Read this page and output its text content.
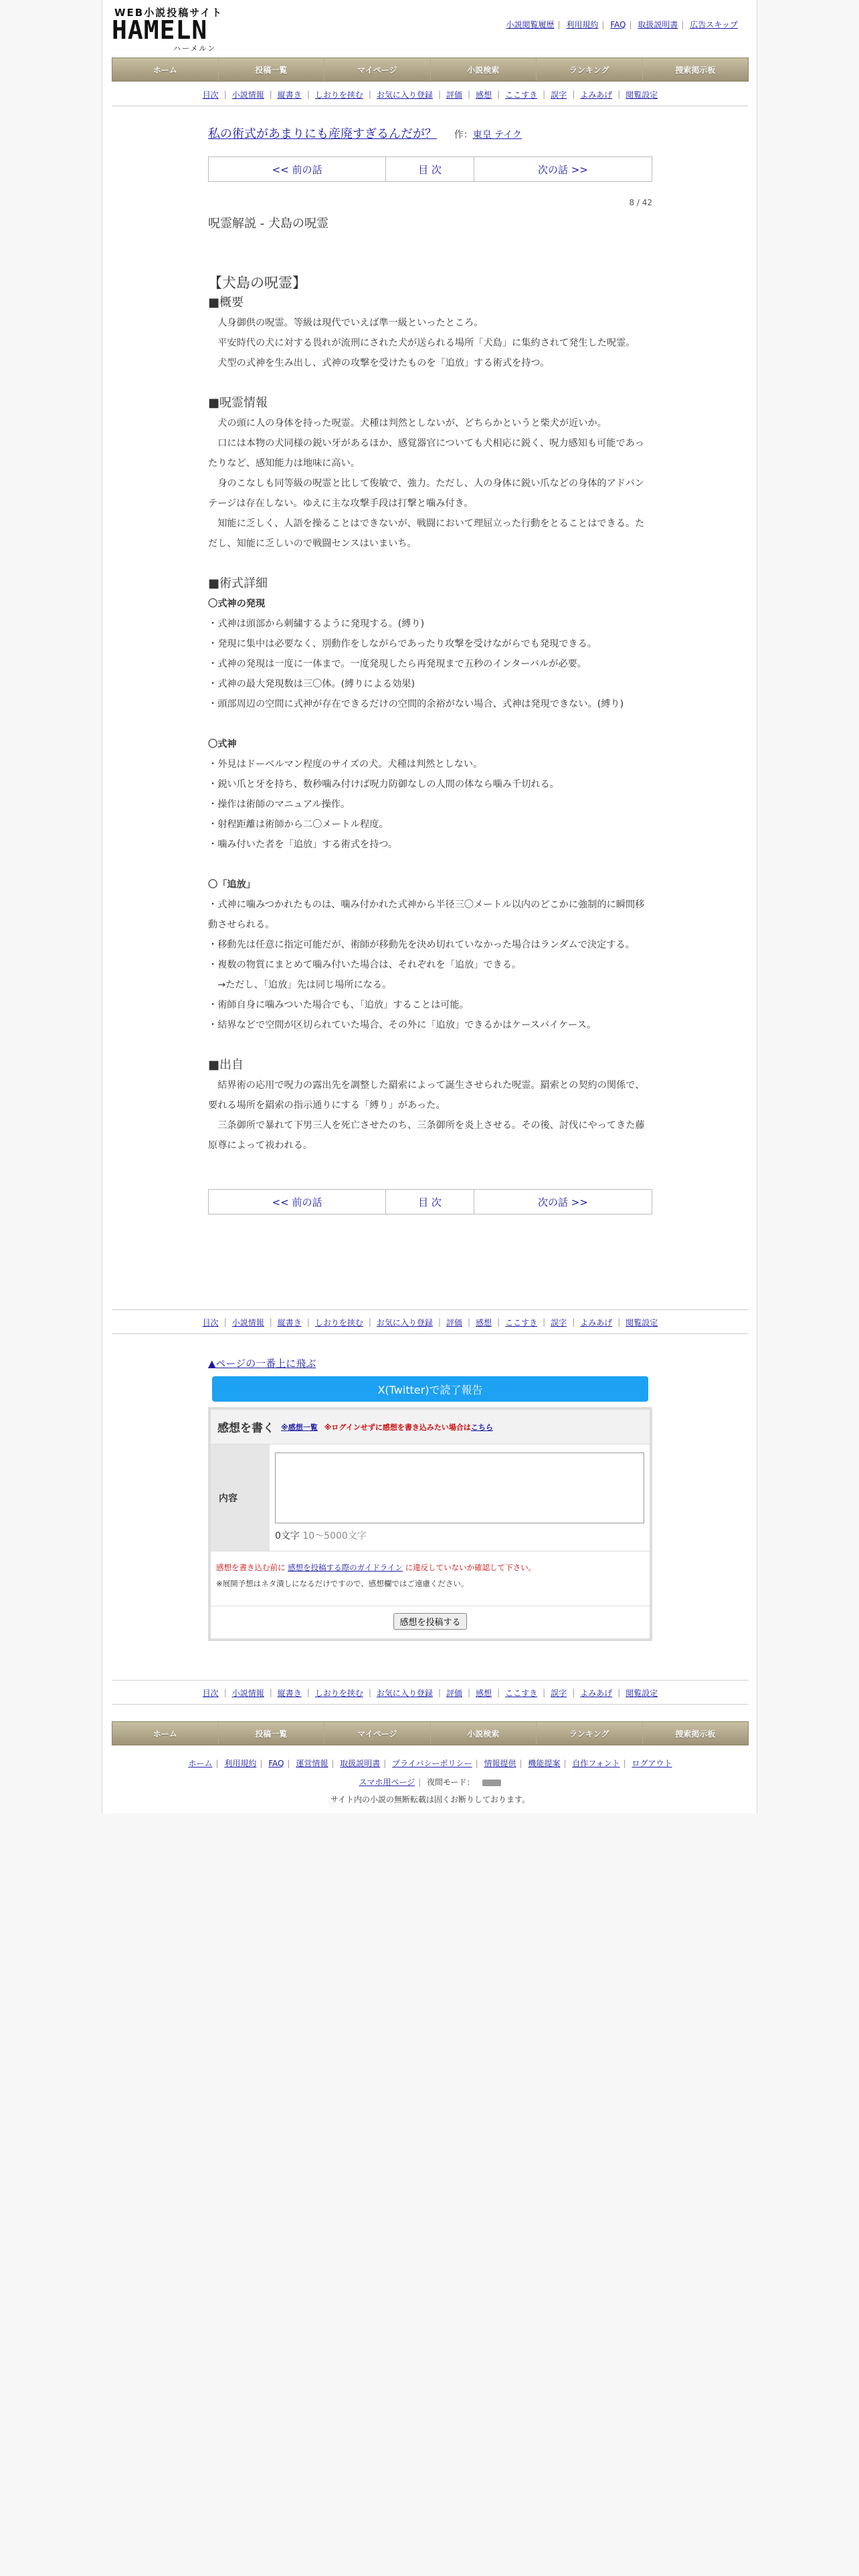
WEB小説投稿サイト
HAMELN
ハーメルン
小説閲覧履歴 | 利用規約 | FAQ | 取扱説明書 | 広告スキップ
ホーム	投稿一覧	マイページ	小説検索	ランキング	捜索掲示板
目次 | 小説情報 | 縦書き | しおりを挟む | お気に入り登録 | 評価 | 感想 | ここすき | 誤字 | よみあげ | 閲覧設定
私の術式があまりにも産廃すぎるんだが？ 作：東皇 テイク
<< 前の話	目 次	次の話 >>
8 / 42
呪霊解説 - 犬島の呪霊

【犬島の呪霊】

■概要

　人身御供の呪霊。等級は現代でいえば準一級といったところ。

　平安時代の犬に対する畏れが流刑にされた犬が送られる場所「犬島」に集約されて発生した呪霊。

　犬型の式神を生み出し、式神の攻撃を受けたものを「追放」する術式を持つ。

■呪霊情報

　犬の頭に人の身体を持った呪霊。犬種は判然としないが、どちらかというと柴犬が近いか。

　口には本物の犬同様の鋭い牙があるほか、感覚器官についても犬相応に鋭く、呪力感知も可能であったりなど、感知能力は地味に高い。

　身のこなしも同等級の呪霊と比して俊敏で、強力。ただし、人の身体に鋭い爪などの身体的アドバンテージは存在しない。ゆえに主な攻撃手段は打撃と噛み付き。

　知能に乏しく、人語を操ることはできないが、戦闘において理屈立った行動をとることはできる。ただし、知能に乏しいので戦闘センスはいまいち。

■術式詳細

〇式神の発現

・式神は頭部から刺繍するように発現する。(縛り)

・発現に集中は必要なく、別動作をしながらであったり攻撃を受けながらでも発現できる。

・式神の発現は一度に一体まで。一度発現したら再発現まで五秒のインターバルが必要。

・式神の最大発現数は三〇体。(縛りによる効果)

・頭部周辺の空間に式神が存在できるだけの空間的余裕がない場合、式神は発現できない。(縛り)

〇式神

・外見はドーベルマン程度のサイズの犬。犬種は判然としない。

・鋭い爪と牙を持ち、数秒噛み付けば呪力防御なしの人間の体なら噛み千切れる。

・操作は術師のマニュアル操作。

・射程距離は術師から二〇メートル程度。

・噛み付いた者を「追放」する術式を持つ。

〇「追放」

・式神に噛みつかれたものは、噛み付かれた式神から半径三〇メートル以内のどこかに強制的に瞬間移動させられる。

・移動先は任意に指定可能だが、術師が移動先を決め切れていなかった場合はランダムで決定する。

・複数の物質にまとめて噛み付いた場合は、それぞれを「追放」できる。

　→ただし、「追放」先は同じ場所になる。

・術師自身に噛みついた場合でも、「追放」することは可能。

・結界などで空間が区切られていた場合、その外に「追放」できるかはケースバイケース。

■出自

　結界術の応用で呪力の露出先を調整した羂索によって誕生させられた呪霊。羂索との契約の関係で、要れる場所を羂索の指示通りにする「縛り」があった。

　三条御所で暴れて下男三人を死亡させたのち、三条御所を炎上させる。その後、討伐にやってきた藤原尊によって祓われる。

<< 前の話	目 次	次の話 >>
目次 | 小説情報 | 縦書き | しおりを挟む | お気に入り登録 | 評価 | 感想 | ここすき | 誤字 | よみあげ | 閲覧設定
▲ページの一番上に飛ぶ
X(Twitter)で読了報告
感想を書く ※感想一覧 ※ログインせずに感想を書き込みたい場合はこちら
内容
0文字 10～5000文字
感想を書き込む前に 感想を投稿する際のガイドライン に違反していないか確認して下さい。
※展開予想はネタ潰しになるだけですので、感想欄ではご遠慮ください。
感想を投稿する
目次 | 小説情報 | 縦書き | しおりを挟む | お気に入り登録 | 評価 | 感想 | ここすき | 誤字 | よみあげ | 閲覧設定
ホーム	投稿一覧	マイページ	小説検索	ランキング	捜索掲示板
ホーム | 利用規約 | FAQ | 運営情報 | 取扱説明書 | プライバシーポリシー | 情報提供 | 機能提案 | 自作フォント | ログアウト
スマホ用ページ | 夜間モード：
サイト内の小説の無断転載は固くお断りしております。
